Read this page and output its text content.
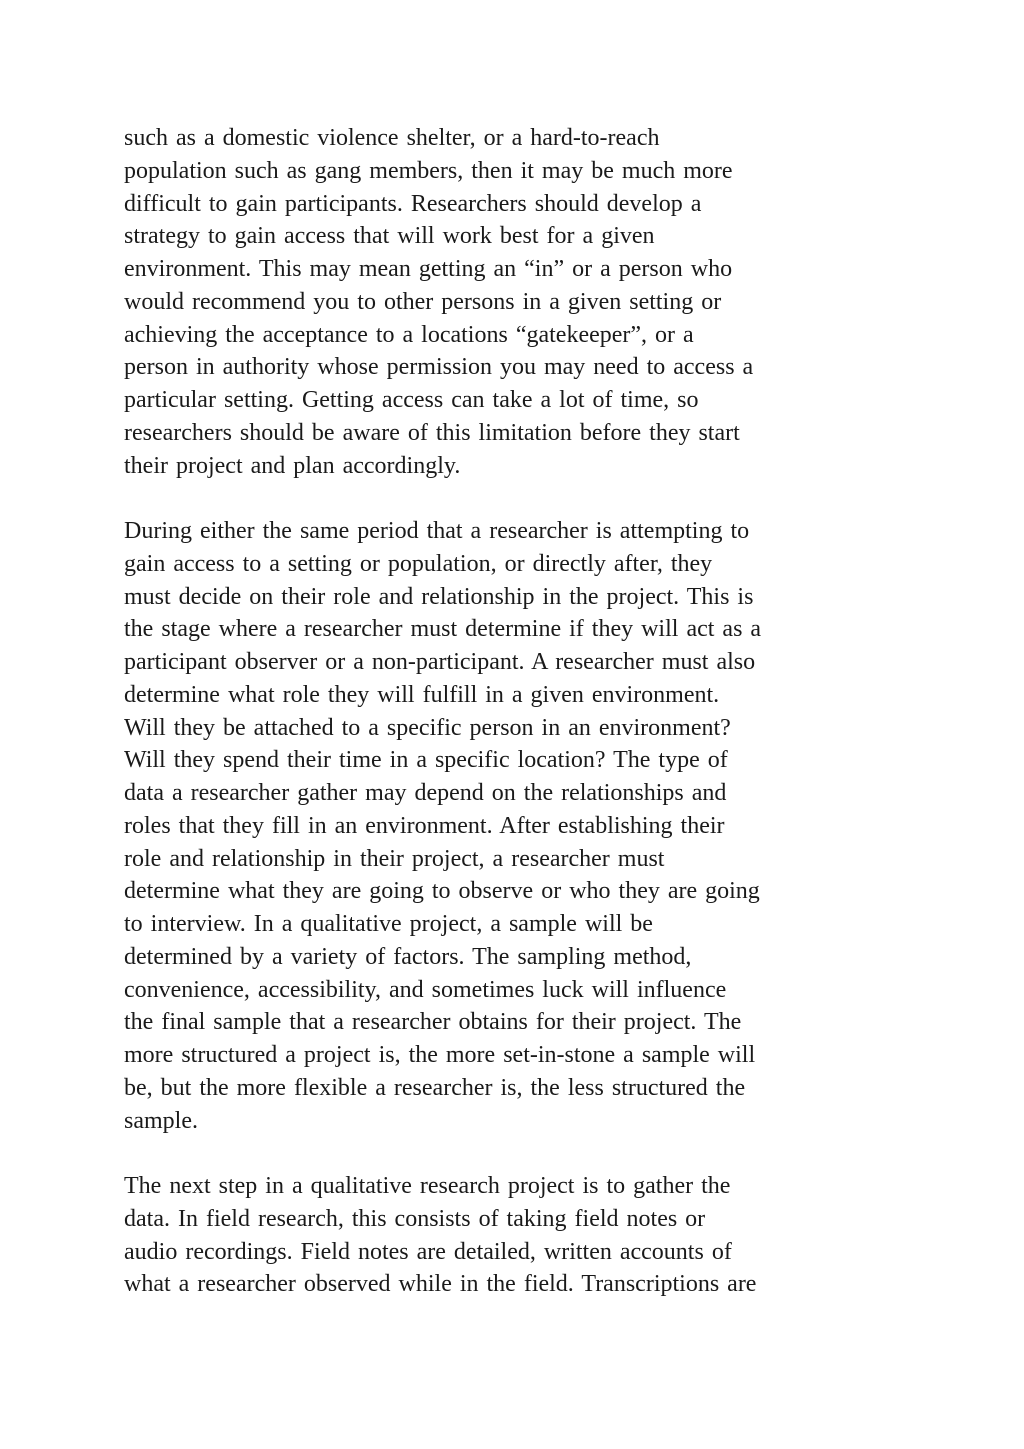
such as a domestic violence shelter, or a hard-to-reach
population such as gang members, then it may be much more
difficult to gain participants. Researchers should develop a
strategy to gain access that will work best for a given
environment. This may mean getting an “in” or a person who
would recommend you to other persons in a given setting or
achieving the acceptance to a locations “gatekeeper”, or a
person in authority whose permission you may need to access a
particular setting. Getting access can take a lot of time, so
researchers should be aware of this limitation before they start
their project and plan accordingly.

During either the same period that a researcher is attempting to
gain access to a setting or population, or directly after, they
must decide on their role and relationship in the project. This is
the stage where a researcher must determine if they will act as a
participant observer or a non-participant. A researcher must also
determine what role they will fulfill in a given environment.
Will they be attached to a specific person in an environment?
Will they spend their time in a specific location? The type of
data a researcher gather may depend on the relationships and
roles that they fill in an environment. After establishing their
role and relationship in their project, a researcher must
determine what they are going to observe or who they are going
to interview. In a qualitative project, a sample will be
determined by a variety of factors. The sampling method,
convenience, accessibility, and sometimes luck will influence
the final sample that a researcher obtains for their project. The
more structured a project is, the more set-in-stone a sample will
be, but the more flexible a researcher is, the less structured the
sample.

The next step in a qualitative research project is to gather the
data. In field research, this consists of taking field notes or
audio recordings. Field notes are detailed, written accounts of
what a researcher observed while in the field. Transcriptions are
